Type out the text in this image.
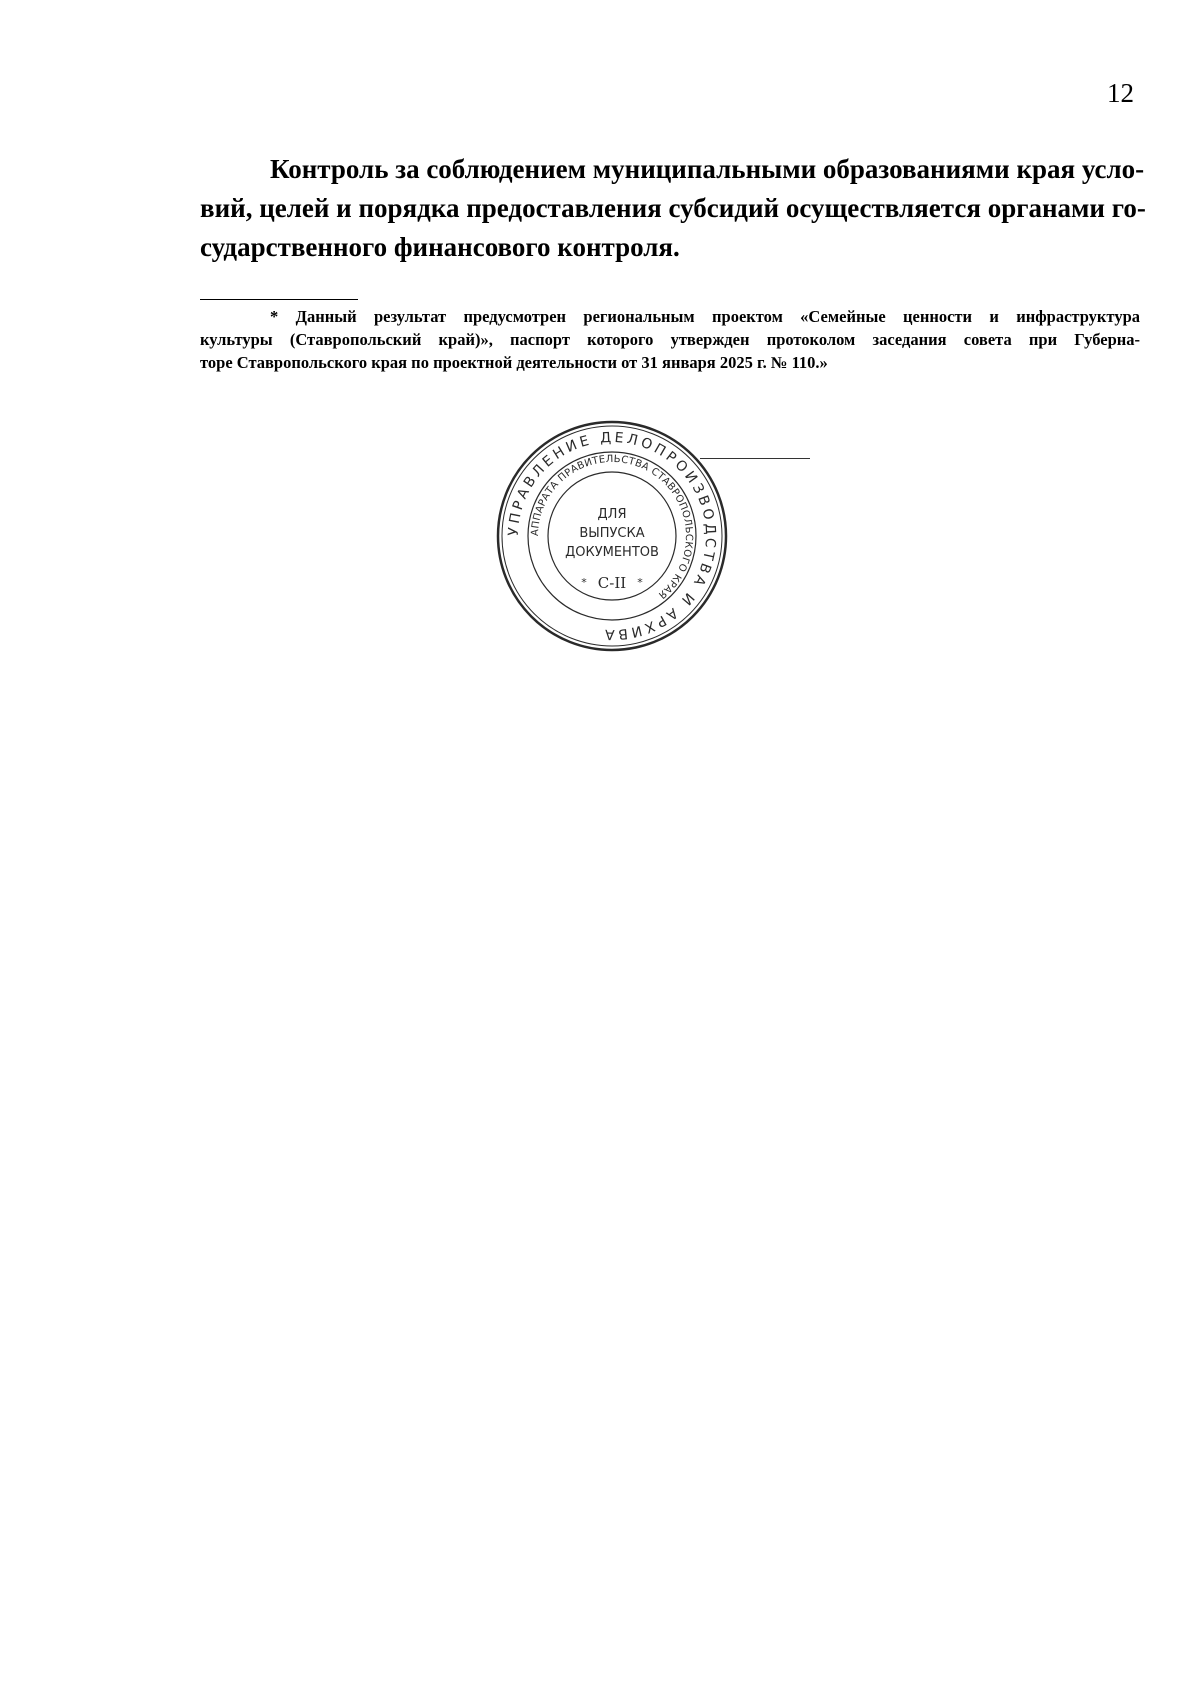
12
Контроль за соблюдением муниципальными образованиями края усло-
вий, целей и порядка предоставления субсидий осуществляется органами го-
сударственного финансового контроля.
* Данный результат предусмотрен региональным проектом «Семейные ценности и инфраструктура
культуры (Ставропольский край)», паспорт которого утвержден протоколом заседания совета при Губерна-
торе Ставропольского края по проектной деятельности от 31 января 2025 г. № 110.»
УПРАВЛЕНИЕ ДЕЛОПРОИЗВОДСТВА И АРХИВА
АППАРАТА ПРАВИТЕЛЬСТВА СТАВРОПОЛЬСКОГО КРАЯ
ДЛЯ
ВЫПУСКА
ДОКУМЕНТОВ
С-II
*	*
